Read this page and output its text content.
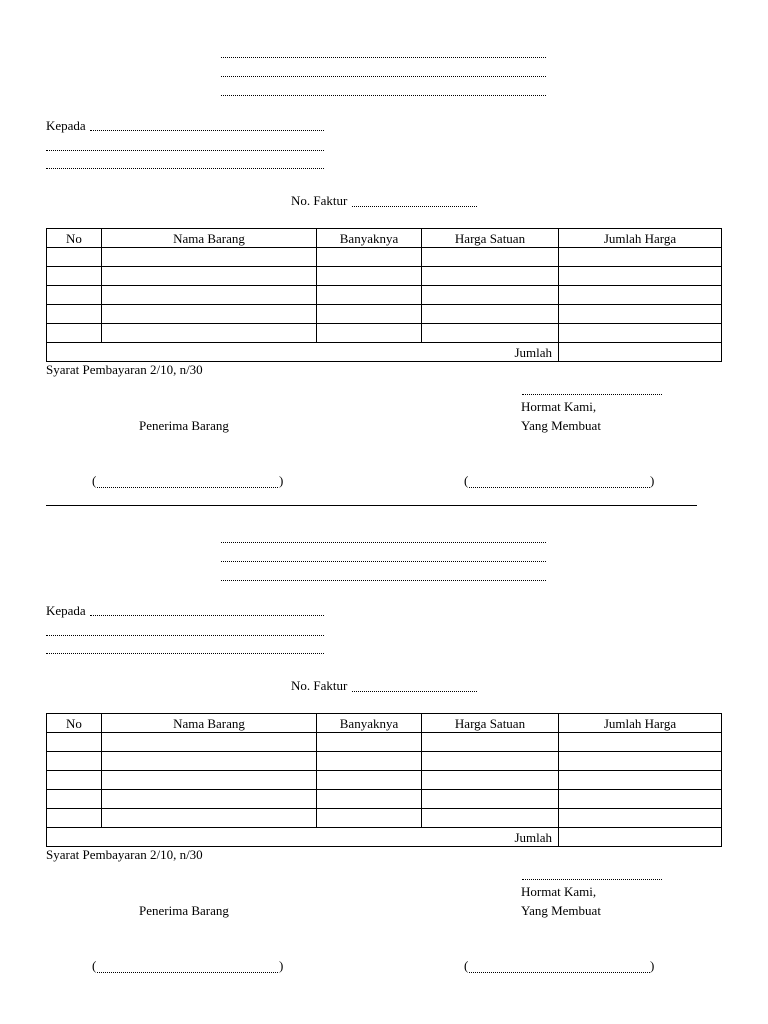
Kepada
No. Faktur
No	Nama Barang	Banyaknya	Harga Satuan	Jumlah Harga

Jumlah				
Syarat Pembayaran 2/10, n/30
Hormat Kami,
Yang Membuat
Penerima Barang
(	)	(	)
Kepada
No. Faktur
No	Nama Barang	Banyaknya	Harga Satuan	Jumlah Harga

Jumlah				
Syarat Pembayaran 2/10, n/30
Hormat Kami,
Yang Membuat
Penerima Barang
(	)	(	)
